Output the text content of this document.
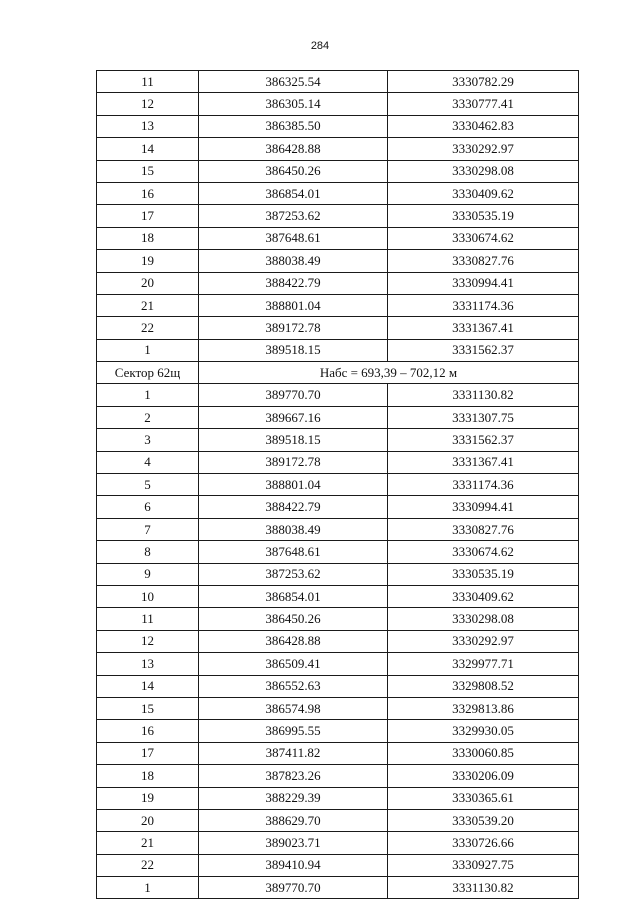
284
11	386325.54	3330782.29
12	386305.14	3330777.41
13	386385.50	3330462.83
14	386428.88	3330292.97
15	386450.26	3330298.08
16	386854.01	3330409.62
17	387253.62	3330535.19
18	387648.61	3330674.62
19	388038.49	3330827.76
20	388422.79	3330994.41
21	388801.04	3331174.36
22	389172.78	3331367.41
1	389518.15	3331562.37
Сектор 62щ	Набс = 693,39 – 702,12 м	
1	389770.70	3331130.82
2	389667.16	3331307.75
3	389518.15	3331562.37
4	389172.78	3331367.41
5	388801.04	3331174.36
6	388422.79	3330994.41
7	388038.49	3330827.76
8	387648.61	3330674.62
9	387253.62	3330535.19
10	386854.01	3330409.62
11	386450.26	3330298.08
12	386428.88	3330292.97
13	386509.41	3329977.71
14	386552.63	3329808.52
15	386574.98	3329813.86
16	386995.55	3329930.05
17	387411.82	3330060.85
18	387823.26	3330206.09
19	388229.39	3330365.61
20	388629.70	3330539.20
21	389023.71	3330726.66
22	389410.94	3330927.75
1	389770.70	3331130.82
